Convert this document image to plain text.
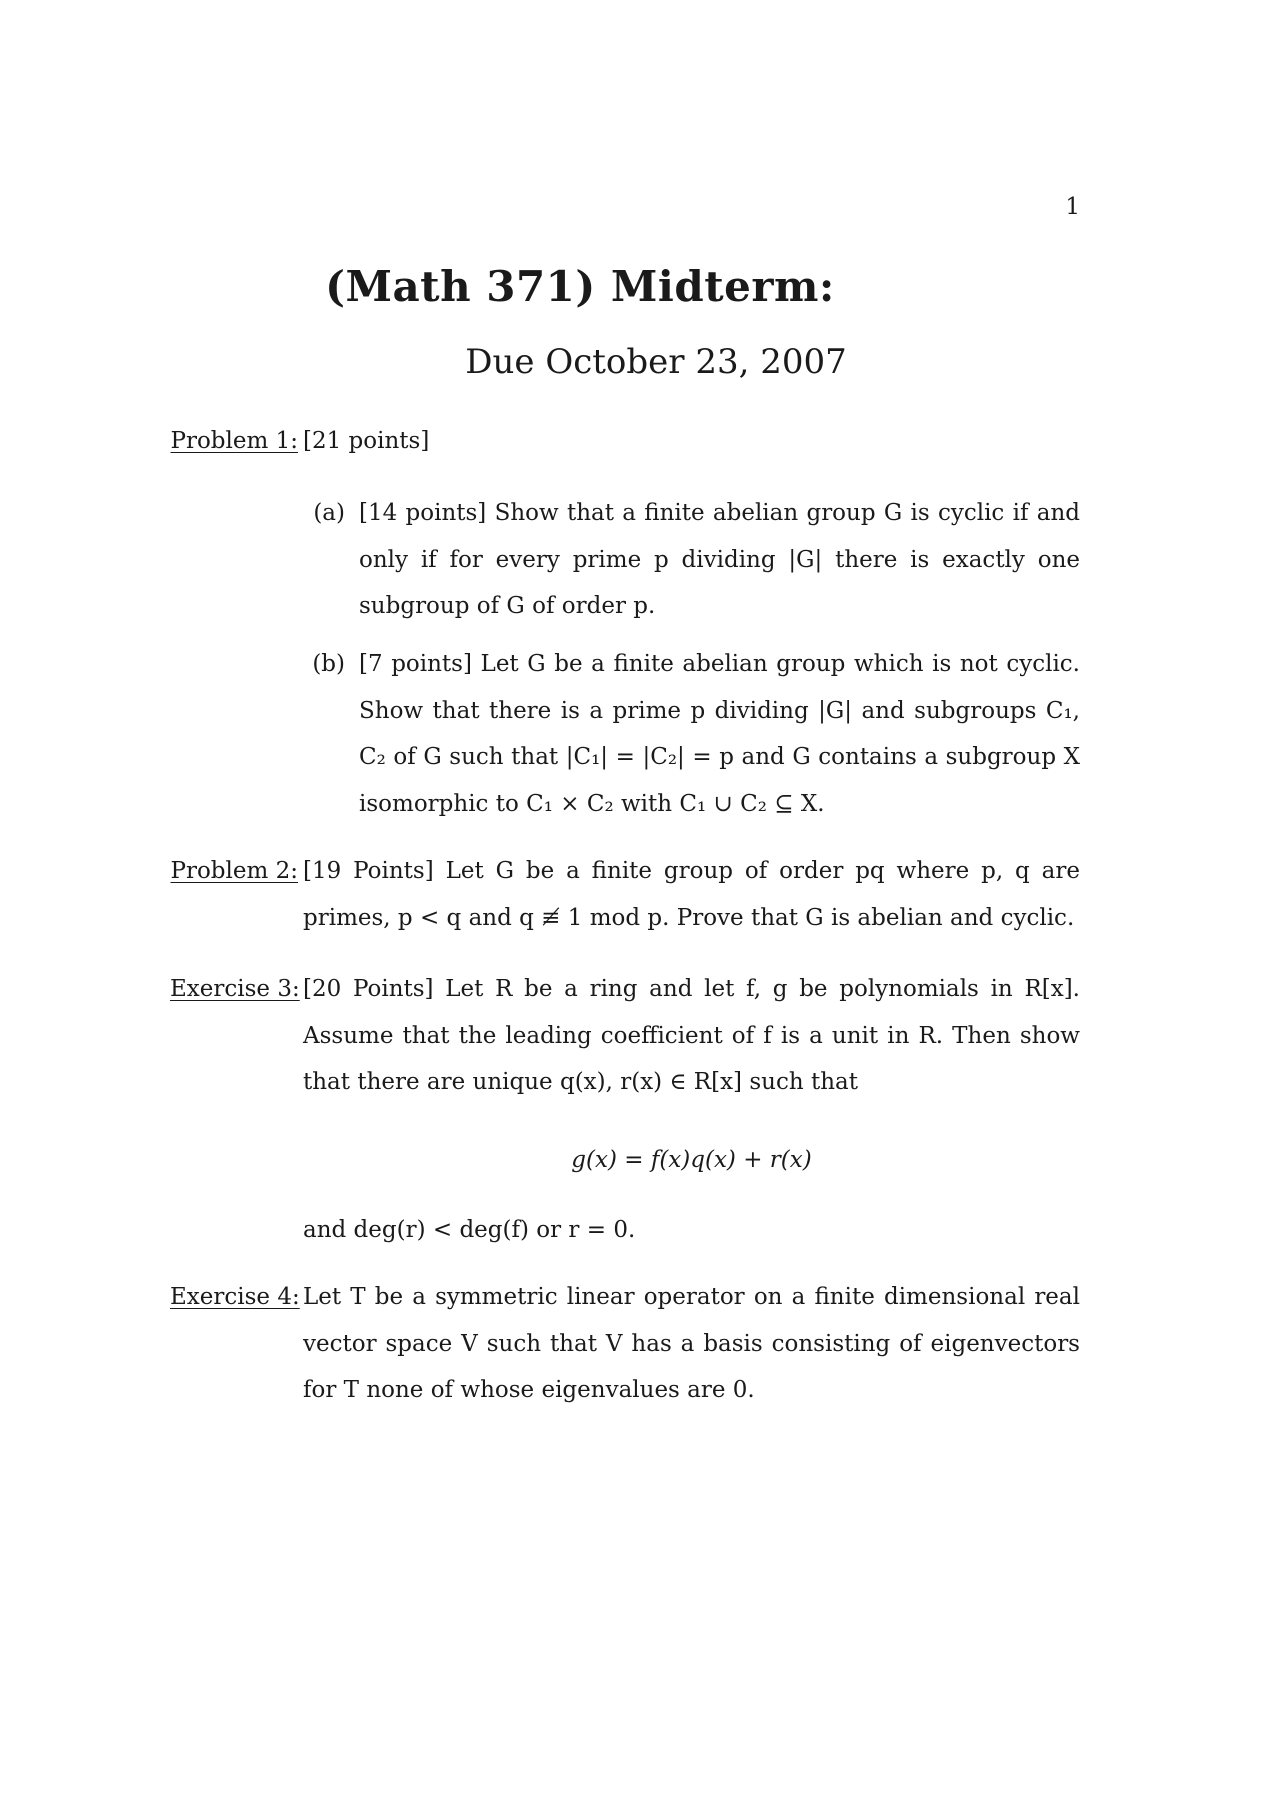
1
(Math 371) Midterm:
Due October 23, 2007
Problem 1: [21 points]
(a) [14 points] Show that a finite abelian group G is cyclic if and only if for every prime p dividing |G| there is exactly one subgroup of G of order p.
(b) [7 points] Let G be a finite abelian group which is not cyclic. Show that there is a prime p dividing |G| and subgroups C₁, C₂ of G such that |C₁| = |C₂| = p and G contains a subgroup X isomorphic to C₁ × C₂ with C₁ ∪ C₂ ⊆ X.
Problem 2: [19 Points] Let G be a finite group of order pq where p, q are primes, p < q and q ≢ 1 mod p. Prove that G is abelian and cyclic.
Exercise 3: [20 Points] Let R be a ring and let f, g be polynomials in R[x]. Assume that the leading coefficient of f is a unit in R. Then show that there are unique q(x), r(x) ∈ R[x] such that
g(x) = f(x)q(x) + r(x)
and deg(r) < deg(f) or r = 0.
Exercise 4: Let T be a symmetric linear operator on a finite dimensional real vector space V such that V has a basis consisting of eigenvectors for T none of whose eigenvalues are 0.
